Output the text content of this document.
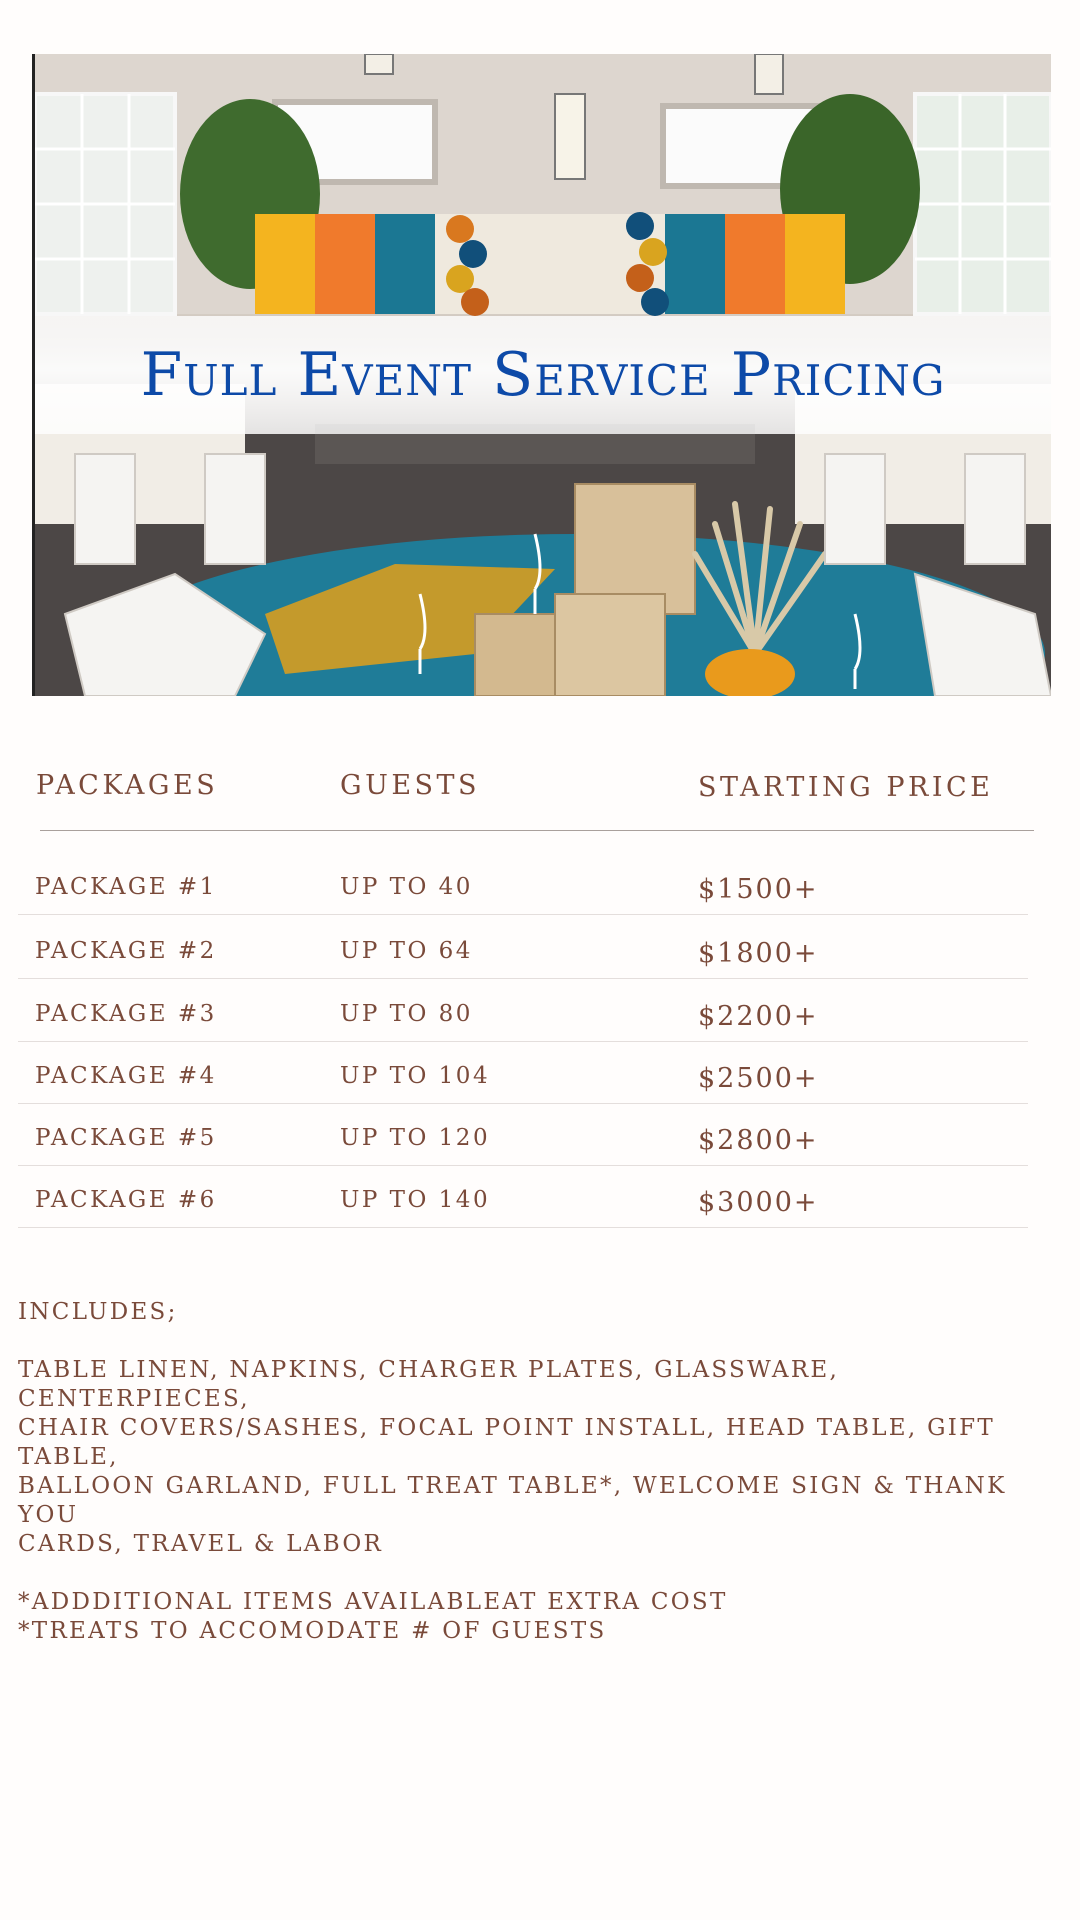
Full Event Service Pricing
PACKAGES	GUESTS	STARTING PRICE
PACKAGE #1	UP TO 40	$1500+
PACKAGE #2	UP TO 64	$1800+
PACKAGE #3	UP TO 80	$2200+
PACKAGE #4	UP TO 104	$2500+
PACKAGE #5	UP TO 120	$2800+
PACKAGE #6	UP TO 140	$3000+

INCLUDES;

TABLE LINEN, NAPKINS, CHARGER PLATES, GLASSWARE, CENTERPIECES,

CHAIR COVERS/SASHES, FOCAL POINT INSTALL, HEAD TABLE, GIFT TABLE,

BALLOON GARLAND, FULL TREAT TABLE*, WELCOME SIGN & THANK YOU

CARDS, TRAVEL & LABOR

*ADDDITIONAL ITEMS AVAILABLEAT EXTRA COST

*TREATS TO ACCOMODATE # OF GUESTS
